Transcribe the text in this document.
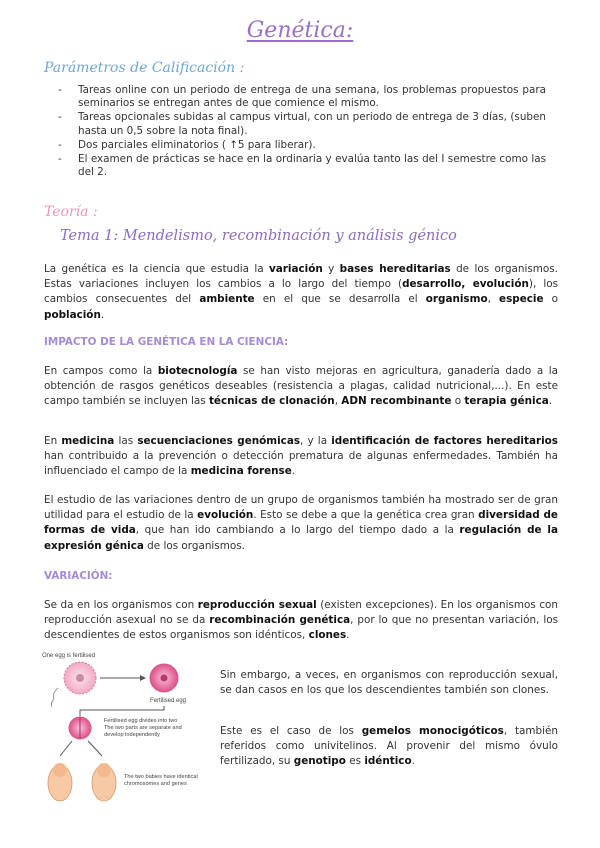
Genética:
Parámetros de Calificación :
- Tareas online con un periodo de entrega de una semana, los problemas propuestos para seminarios se entregan antes de que comience el mismo.
- Tareas opcionales subidas al campus virtual, con un periodo de entrega de 3 días, (suben hasta un 0,5 sobre la nota final).
- Dos parciales eliminatorios ( ↑5 para liberar).
- El examen de prácticas se hace en la ordinaria y evalúa tanto las del I semestre como las del 2.
Teoría :
Tema 1: Mendelismo, recombinación y análisis génico

La genética es la ciencia que estudia la variación y bases hereditarias de los organismos. Estas variaciones incluyen los cambios a lo largo del tiempo (desarrollo, evolución), los cambios consecuentes del ambiente en el que se desarrolla el organismo, especie o población.

IMPACTO DE LA GENÉTICA EN LA CIENCIA:

En campos como la biotecnología se han visto mejoras en agricultura, ganadería dado a la obtención de rasgos genéticos deseables (resistencia a plagas, calidad nutricional,...). En este campo también se incluyen las técnicas de clonación, ADN recombinante o terapia génica.

En medicina las secuenciaciones genómicas, y la identificación de factores hereditarios han contribuido a la prevención o detección prematura de algunas enfermedades. También ha influenciado el campo de la medicina forense.

El estudio de las variaciones dentro de un grupo de organismos también ha mostrado ser de gran utilidad para el estudio de la evolución. Esto se debe a que la genética crea gran diversidad de formas de vida, que han ido cambiando a lo largo del tiempo dado a la regulación de la expresión génica de los organismos.

VARIACIÓN:

Se da en los organismos con reproducción sexual (existen excepciones). En los organismos con reproducción asexual no se da recombinación genética, por lo que no presentan variación, los descendientes de estos organismos son idénticos, clones.

One egg is fertilised
Fertilised egg
Fertilised egg divides into two The two parts are separate and develop independently
The two babies have identical chromosomes and genes

Sin embargo, a veces, en organismos con reproducción sexual, se dan casos en los que los descendientes también son clones.

Este es el caso de los gemelos monocigóticos, también referidos como univitelinos. Al provenir del mismo óvulo fertilizado, su genotipo es idéntico.
